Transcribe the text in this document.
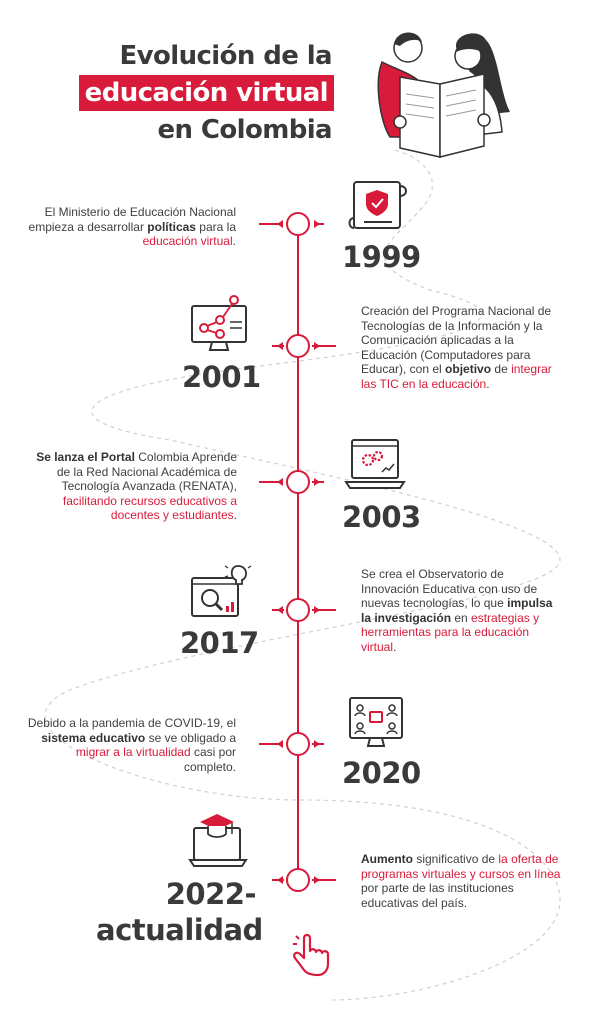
Evolución de la
educación virtual
en Colombia
El Ministerio de Educación Nacional empieza a desarrollar políticas para la educación virtual.	1999
2001
Creación del Programa Nacional de Tecnologías de la Información y la Comunicación aplicadas a la Educación (Computadores para Educar), con el objetivo de integrar las TIC en la educación.
Se lanza el Portal Colombia Aprende de la Red Nacional Académica de Tecnología Avanzada (RENATA), facilitando recursos educativos a docentes y estudiantes.	2003
2017
Se crea el Observatorio de Innovación Educativa con uso de nuevas tecnologías, lo que impulsa la investigación en estrategias y herramientas para la educación virtual.
Debido a la pandemia de COVID-19, el sistema educativo se ve obligado a migrar a la virtualidad casi por completo.	2020
2022-
actualidad
Aumento significativo de la oferta de programas virtuales y cursos en línea por parte de las instituciones educativas del país.
